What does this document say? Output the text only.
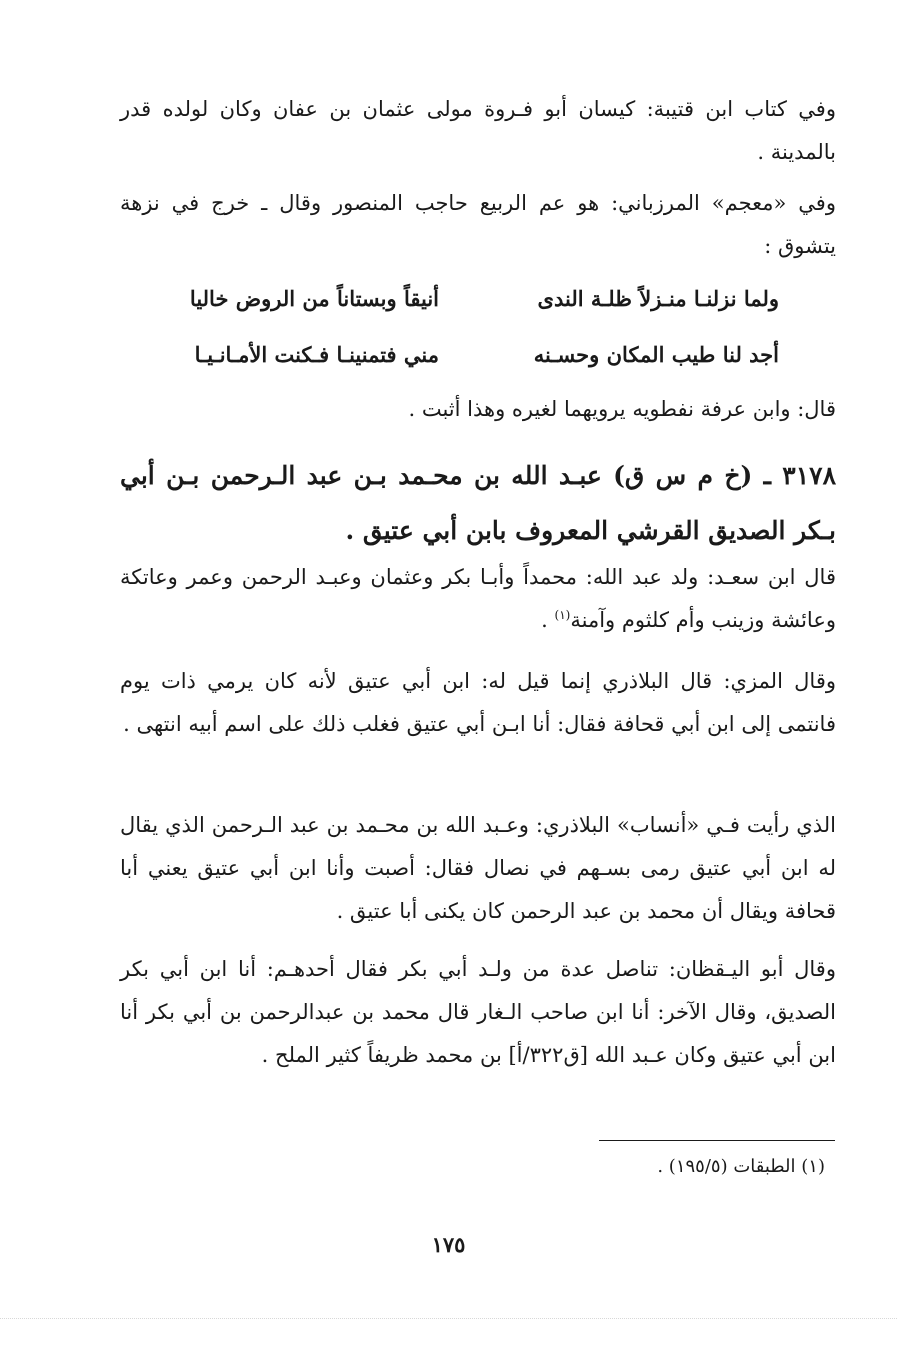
وفي كتاب ابن قتيبة: كيسان أبو فـروة مولى عثمان بن عفان وكان لولده قدر بالمدينة .

وفي «معجم» المرزباني: هو عم الربيع حاجب المنصور وقال ـ خرج في نزهة يتشوق :

ولما نزلنـا منـزلاً ظلـة الندى
أنيقاً وبستاناً من الروض خاليا
أجد لنا طيب المكان وحسـنه
مني فتمنينـا فـكنت الأمـانـيـا

قال: وابن عرفة نفطويه يرويهما لغيره وهذا أثبت .

٣١٧٨ ـ (خ م س ق) عبـد الله بن محـمد بـن عبد الـرحمن بـن أبي بـكر الصديق القرشي المعروف بابن أبي عتيق .

قال ابن سعـد: ولد عبد الله: محمداً وأبـا بكر وعثمان وعبـد الرحمن وعمر وعاتكة وعائشة وزينب وأم كلثوم وآمنة$^{(١)}$ .

وقال المزي: قال البلاذري إنما قيل له: ابن أبي عتيق لأنه كان يرمي ذات يوم فانتمى إلى ابن أبي قحافة فقال: أنا ابـن أبي عتيق فغلب ذلك على اسم أبيه انتهى .

الذي رأيت فـي «أنساب» البلاذري: وعـبد الله بن محـمد بن عبد الـرحمن الذي يقال له ابن أبي عتيق رمى بسـهم في نصال فقال: أصبت وأنا ابن أبي عتيق يعني أبا قحافة ويقال أن محمد بن عبد الرحمن كان يكنى أبا عتيق .

وقال أبو اليـقظان: تناصل عدة من ولـد أبي بكر فقال أحدهـم: أنا ابن أبي بكر الصديق، وقال الآخر: أنا ابن صاحب الـغار قال محمد بن عبدالرحمن بن أبي بكر أنا ابن أبي عتيق وكان عـبد الله [ق٣٢٢/أ] بن محمد ظريفاً كثير الملح .

(١) الطبقات (١٩٥/٥) .
١٧٥
